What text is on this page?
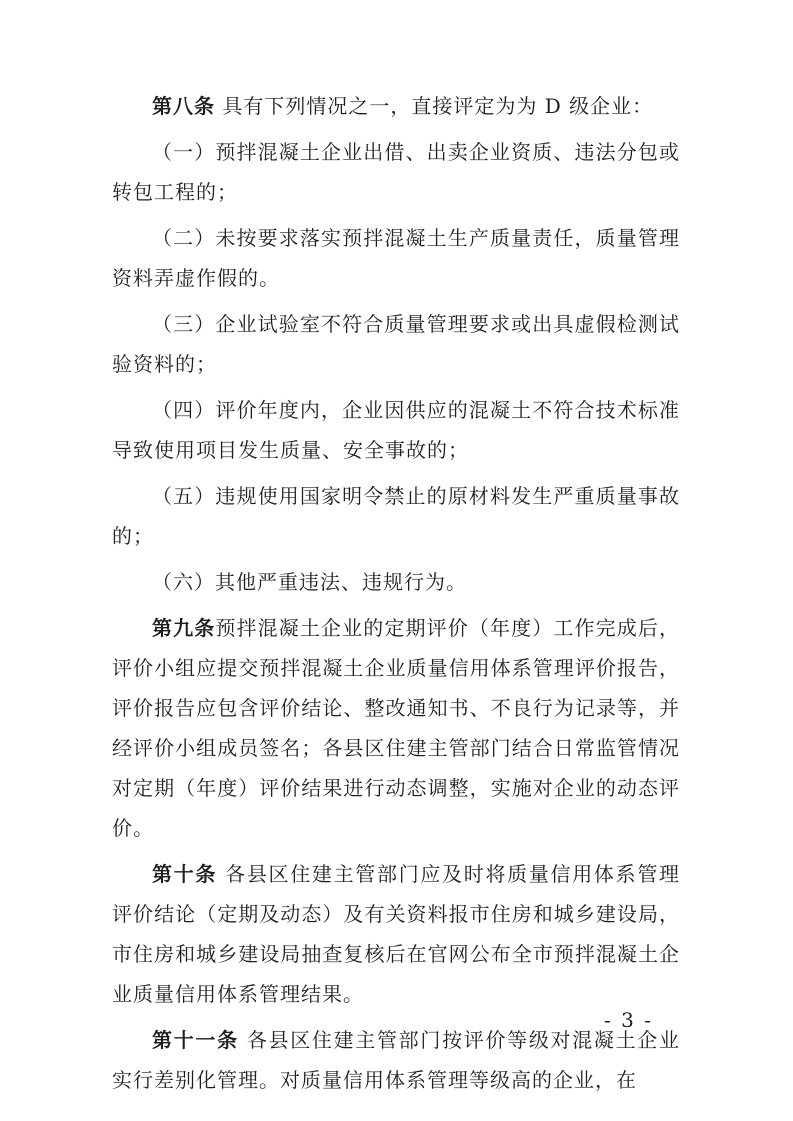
第八条 具有下列情况之一，直接评定为为 D 级企业：

（一）预拌混凝土企业出借、出卖企业资质、违法分包或转包工程的；

（二）未按要求落实预拌混凝土生产质量责任，质量管理资料弄虚作假的。

（三）企业试验室不符合质量管理要求或出具虚假检测试验资料的；

（四）评价年度内，企业因供应的混凝土不符合技术标准导致使用项目发生质量、安全事故的；

（五）违规使用国家明令禁止的原材料发生严重质量事故的；

（六）其他严重违法、违规行为。

第九条预拌混凝土企业的定期评价（年度）工作完成后，评价小组应提交预拌混凝土企业质量信用体系管理评价报告，评价报告应包含评价结论、整改通知书、不良行为记录等，并经评价小组成员签名；各县区住建主管部门结合日常监管情况对定期（年度）评价结果进行动态调整，实施对企业的动态评价。

第十条 各县区住建主管部门应及时将质量信用体系管理评价结论（定期及动态）及有关资料报市住房和城乡建设局，市住房和城乡建设局抽查复核后在官网公布全市预拌混凝土企业质量信用体系管理结果。

第十一条 各县区住建主管部门按评价等级对混凝土企业实行差别化管理。对质量信用体系管理等级高的企业，在

- 3 -
